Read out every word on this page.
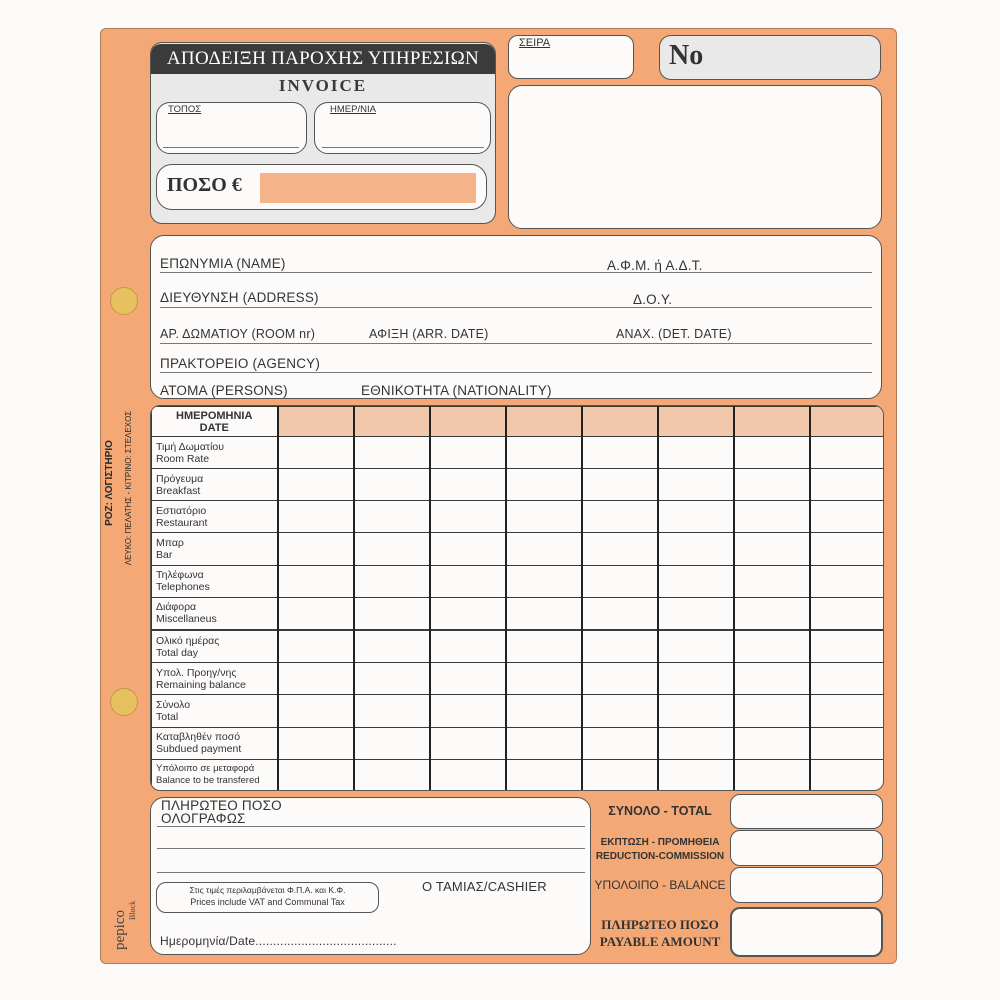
ΡΟΖ: ΛΟΓΙΣΤΗΡΙΟ	ΛΕΥΚΟ: ΠΕΛΑΤΗΣ - ΚΙΤΡΙΝΟ: ΣΤΕΛΕΧΟΣ
pepico Block
ΑΠΟΔΕΙΞΗ ΠΑΡΟΧΗΣ ΥΠΗΡΕΣΙΩΝ
INVOICE
ΤΟΠΟΣ	ΗΜΕΡ/ΝΙΑ
ΠΟΣΟ €
ΣΕΙΡΑ	No
ΕΠΩΝΥΜΙΑ (NAME)	Α.Φ.Μ. ή Α.Δ.Τ.
ΔΙΕΥΘΥΝΣΗ (ADDRESS)	Δ.Ο.Υ.
ΑΡ. ΔΩΜΑΤΙΟΥ (ROOM nr)	ΑΦΙΞΗ (ARR. DATE)	ΑΝΑΧ. (DET. DATE)
ΠΡΑΚΤΟΡΕΙΟ (AGENCY)
ΑΤΟΜΑ (PERSONS)	ΕΘΝΙΚΟΤΗΤΑ (NATIONALITY)
ΗΜΕΡΟΜΗΝΙΑ
DATE								

Τιμή Δωματίου
Room Rate								

Πρόγευμα
Breakfast								

Εστιατόριο
Restaurant								

Μπαρ
Bar								

Τηλέφωνα
Telephones								

Διάφορα
Miscellaneus								

Ολικό ημέρας
Total day								

Υπολ. Προηγ/νης
Remaining balance								

Σύνολο
Total								

Καταβληθέν ποσό
Subdued payment								

Υπόλοιπο σε μεταφορά
Balance to be transfered								

ΠΛΗΡΩΤΕΟ ΠΟΣΟ
ΟΛΟΓΡΑΦΩΣ
Ο ΤΑΜΙΑΣ/CASHIER
Στις τιμές περιλαμβάνεται Φ.Π.Α. και Κ.Φ.
Prices include VAT and Communal Tax
Ημερομηνία/Date........................................
ΣΥΝΟΛΟ - TOTAL
ΕΚΠΤΩΣΗ - ΠΡΟΜΗΘΕΙΑ
REDUCTION-COMMISSION
ΥΠΟΛΟΙΠΟ - BALANCE
ΠΛΗΡΩΤΕΟ ΠΟΣΟ
PAYABLE AMOUNT
